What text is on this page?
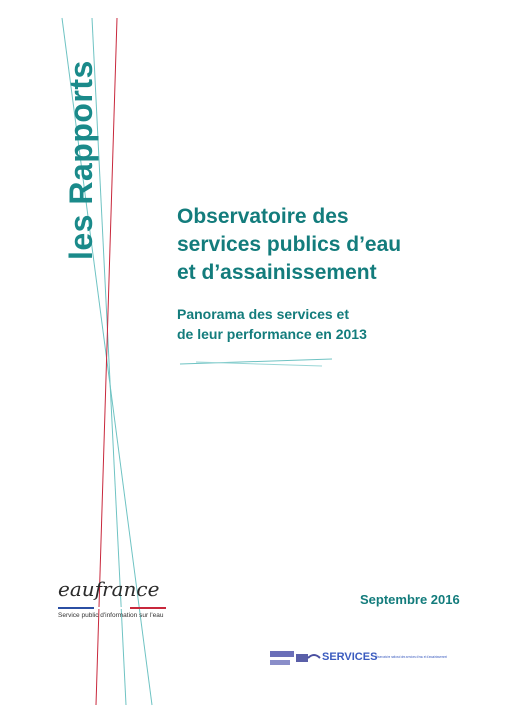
les Rapports	Observatoire des
services publics d’eau
et d’assainissement
Panorama des services et
de leur performance en 2013
eaufrance
Service public d'information sur l'eau
Septembre 2016
SERVICES
Observatoire national des services d'eau et d'assainissement
